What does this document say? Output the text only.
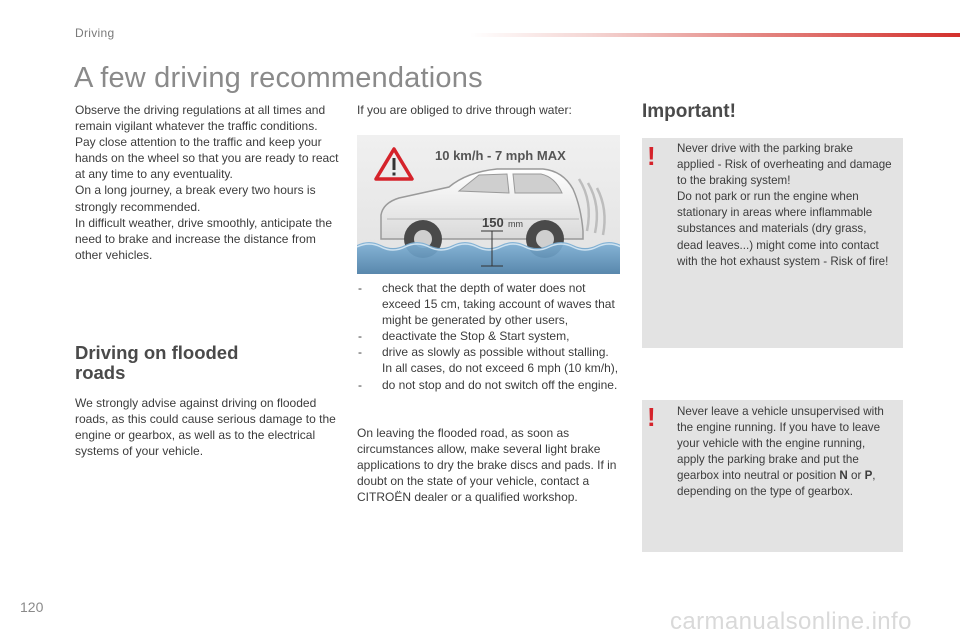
Driving
A few driving recommendations

Observe the driving regulations at all times and remain vigilant whatever the traffic conditions.

Pay close attention to the traffic and keep your hands on the wheel so that you are ready to react at any time to any eventuality.

On a long journey, a break every two hours is strongly recommended.

In difficult weather, drive smoothly, anticipate the need to brake and increase the distance from other vehicles.

Driving on flooded roads

We strongly advise against driving on flooded roads, as this could cause serious damage to the engine or gearbox, as well as to the electrical systems of your vehicle.

If you are obliged to drive through water:
10 km/h - 7 mph MAX
150 mm
- check that the depth of water does not exceed 15 cm, taking account of waves that might be generated by other users,
- deactivate the Stop & Start system,
- drive as slowly as possible without stalling. In all cases, do not exceed 6 mph (10 km/h),
- do not stop and do not switch off the engine.
On leaving the flooded road, as soon as circumstances allow, make several light brake applications to dry the brake discs and pads. If in doubt on the state of your vehicle, contact a CITROËN dealer or a qualified workshop.
Important!
! Never drive with the parking brake applied - Risk of overheating and damage to the braking system!
Do not park or run the engine when stationary in areas where inflammable substances and materials (dry grass, dead leaves...) might come into contact with the hot exhaust system - Risk of fire!
! Never leave a vehicle unsupervised with the engine running. If you have to leave your vehicle with the engine running, apply the parking brake and put the gearbox into neutral or position N or P, depending on the type of gearbox.
120
carmanualsonline.info
